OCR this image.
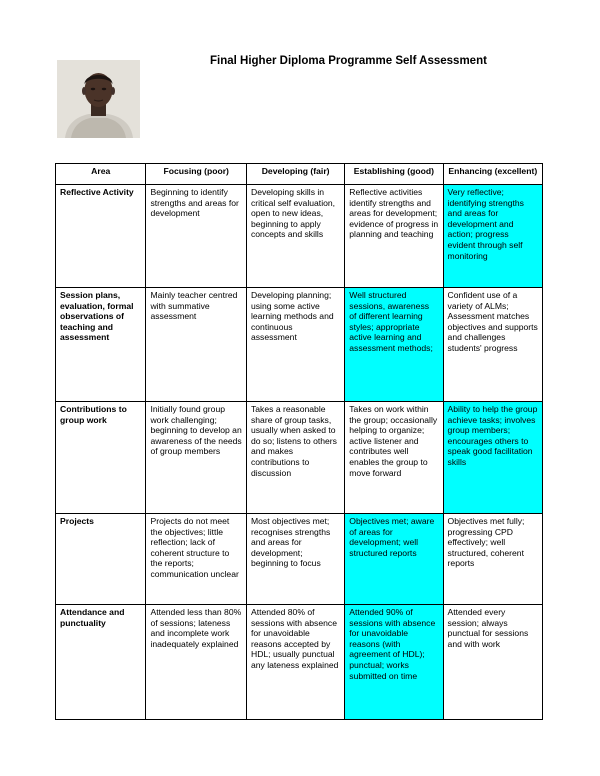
Final Higher Diploma Programme Self Assessment
Area	Focusing (poor)	Developing (fair)	Establishing (good)	Enhancing (excellent)
Reflective Activity	Beginning to identify strengths and areas for development	Developing skills in critical self evaluation, open to new ideas, beginning to apply concepts and skills	Reflective activities identify strengths and areas for development; evidence of progress in planning and teaching	Very reflective; identifying strengths and areas for development and action; progress evident through self monitoring
Session plans, evaluation, formal observations of teaching and assessment	Mainly teacher centred with summative assessment	Developing planning; using some active learning methods and continuous assessment	Well structured sessions, awareness of different learning styles; appropriate active learning and assessment methods;	Confident use of a variety of ALMs; Assessment matches objectives and supports and challenges students' progress
Contributions to group work	Initially found group work challenging; beginning to develop an awareness of the needs of group members	Takes a reasonable share of group tasks, usually when asked to do so; listens to others and makes contributions to discussion	Takes on work within the group; occasionally helping to organize; active listener and contributes well enables the group to move forward	Ability to help the group achieve tasks; involves group members; encourages others to speak good facilitation skills
Projects	Projects do not meet the objectives; little reflection; lack of coherent structure to the reports; communication unclear	Most objectives met; recognises strengths and areas for development; beginning to focus	Objectives met; aware of areas for development; well structured reports	Objectives met fully; progressing CPD effectively; well structured, coherent reports
Attendance and punctuality	Attended less than 80% of sessions; lateness and incomplete work inadequately explained	Attended 80% of sessions with absence for unavoidable reasons accepted by HDL; usually punctual any lateness explained	Attended 90% of sessions with absence for unavoidable reasons (with agreement of HDL); punctual; works submitted on time	Attended every session; always punctual for sessions and with work
